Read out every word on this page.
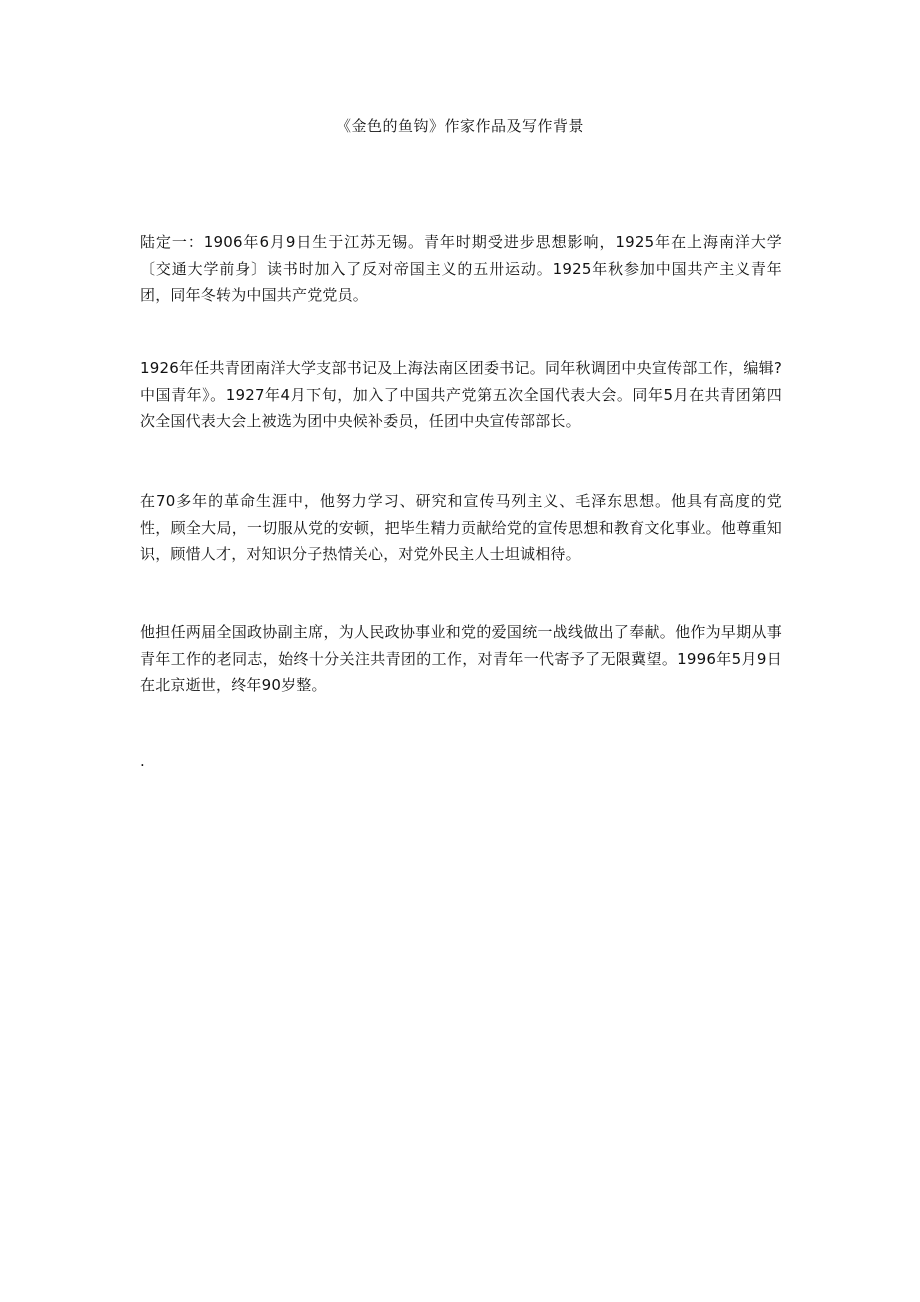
《金色的鱼钩》作家作品及写作背景

陆定一：1906年6月9日生于江苏无锡。青年时期受进步思想影响，1925年在上海南洋大学〔交通大学前身〕读书时加入了反对帝国主义的五卅运动。1925年秋参加中国共产主义青年团，同年冬转为中国共产党党员。

1926年任共青团南洋大学支部书记及上海法南区团委书记。同年秋调团中央宣传部工作，编辑?中国青年》。1927年4月下旬，加入了中国共产党第五次全国代表大会。同年5月在共青团第四次全国代表大会上被选为团中央候补委员，任团中央宣传部部长。

在70多年的革命生涯中，他努力学习、研究和宣传马列主义、毛泽东思想。他具有高度的党性，顾全大局，一切服从党的安顿，把毕生精力贡献给党的宣传思想和教育文化事业。他尊重知识，顾惜人才，对知识分子热情关心，对党外民主人士坦诚相待。

他担任两届全国政协副主席，为人民政协事业和党的爱国统一战线做出了奉献。他作为早期从事青年工作的老同志，始终十分关注共青团的工作，对青年一代寄予了无限冀望。1996年5月9日在北京逝世，终年90岁整。

.
